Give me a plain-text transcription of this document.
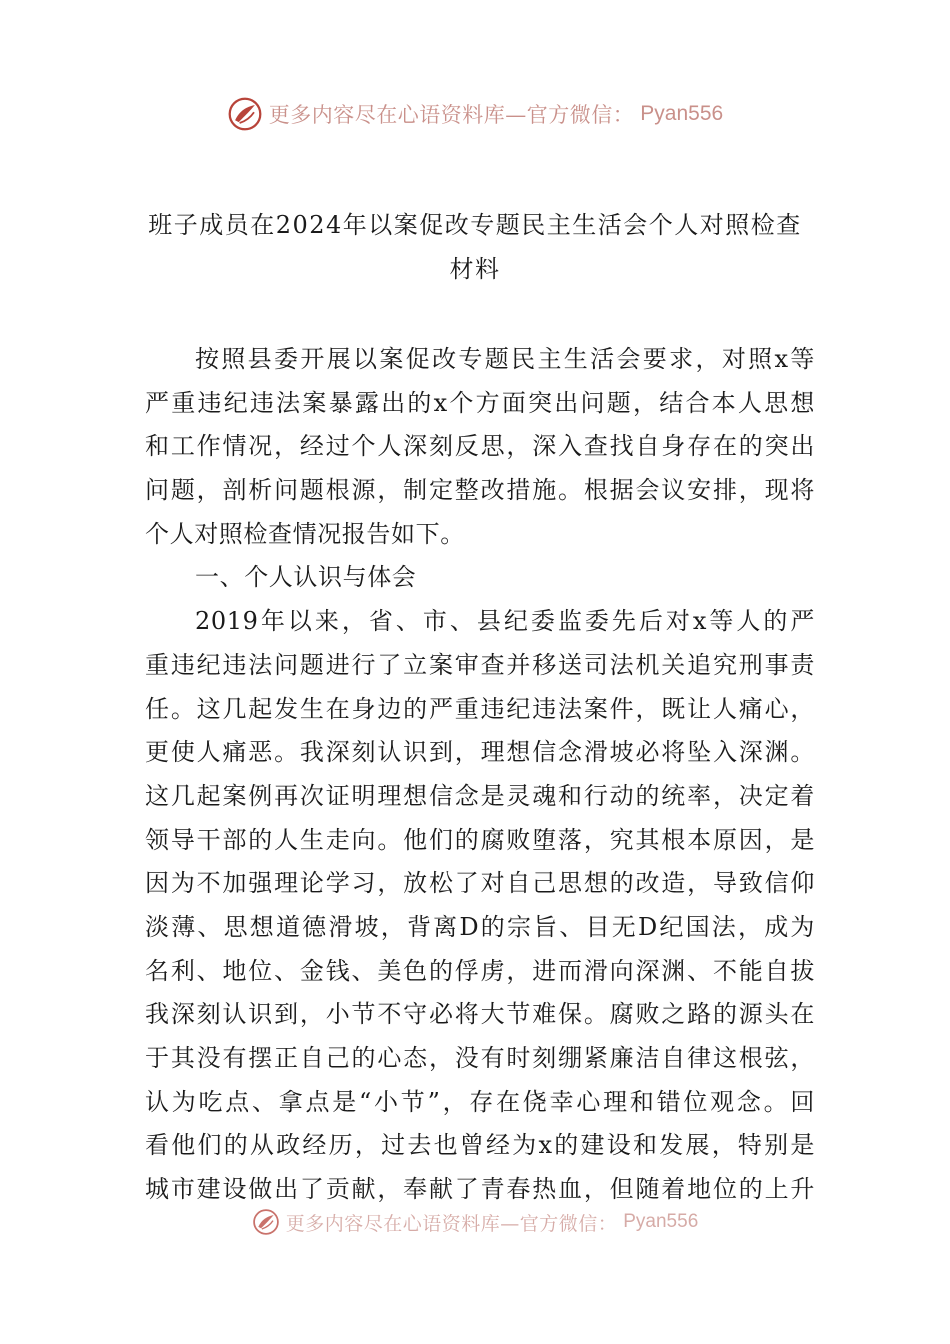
更多内容尽在心语资料库—官方微信： Pyan556
班子成员在2024年以案促改专题民主生活会个人对照检查
材料
按照县委开展以案促改专题民主生活会要求，对照x等
严重违纪违法案暴露出的x个方面突出问题，结合本人思想
和工作情况，经过个人深刻反思，深入查找自身存在的突出
问题，剖析问题根源，制定整改措施。根据会议安排，现将
个人对照检查情况报告如下。
一、个人认识与体会
2019年以来，省、市、县纪委监委先后对x等人的严
重违纪违法问题进行了立案审查并移送司法机关追究刑事责
任。这几起发生在身边的严重违纪违法案件，既让人痛心，
更使人痛恶。我深刻认识到，理想信念滑坡必将坠入深渊。
这几起案例再次证明理想信念是灵魂和行动的统率，决定着
领导干部的人生走向。他们的腐败堕落，究其根本原因，是
因为不加强理论学习，放松了对自己思想的改造，导致信仰
淡薄、思想道德滑坡，背离D的宗旨、目无D纪国法，成为
名利、地位、金钱、美色的俘虏，进而滑向深渊、不能自拔
我深刻认识到，小节不守必将大节难保。腐败之路的源头在
于其没有摆正自己的心态，没有时刻绷紧廉洁自律这根弦，
认为吃点、拿点是“小节”，存在侥幸心理和错位观念。回
看他们的从政经历，过去也曾经为x的建设和发展，特别是
城市建设做出了贡献，奉献了青春热血，但随着地位的上升
更多内容尽在心语资料库—官方微信： Pyan556
